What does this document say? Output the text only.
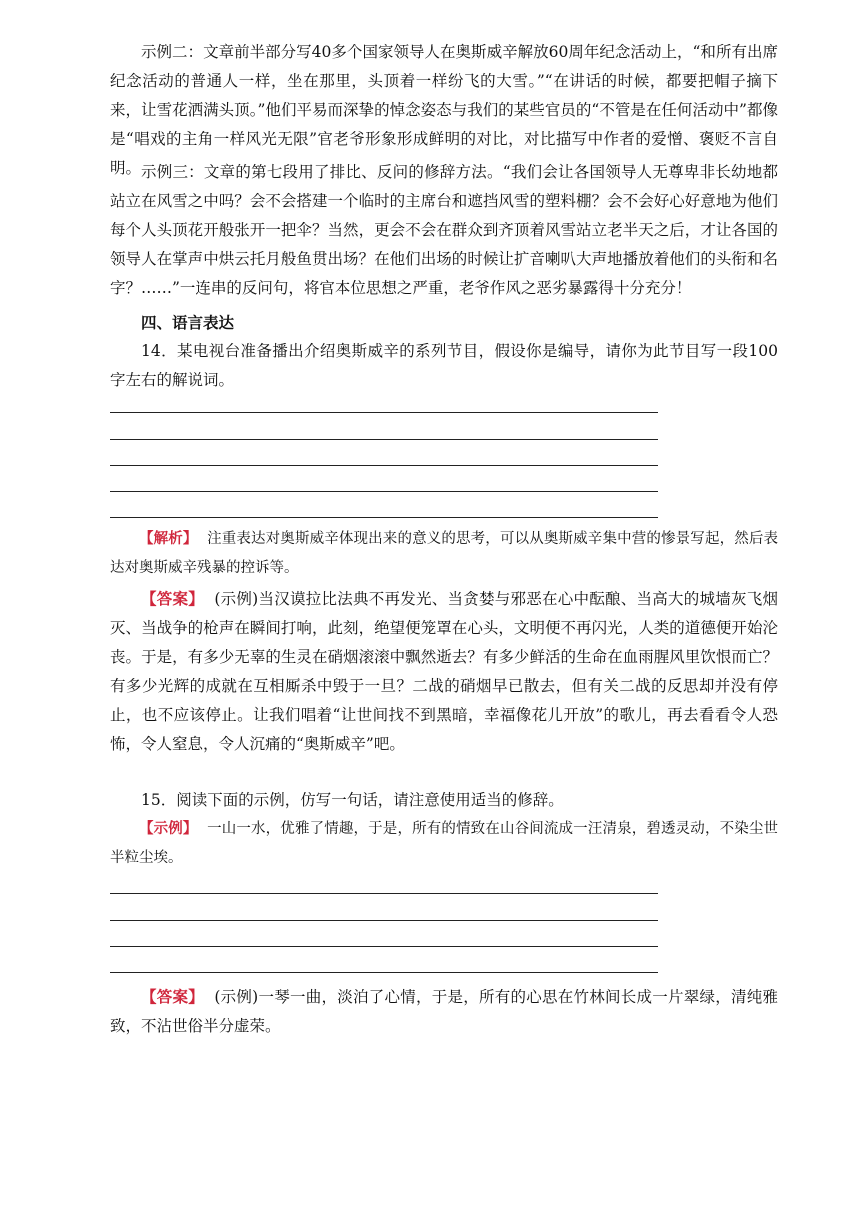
示例二：文章前半部分写40多个国家领导人在奥斯威辛解放60周年纪念活动上，“和所有出席纪念活动的普通人一样，坐在那里，头顶着一样纷飞的大雪。”“在讲话的时候，都要把帽子摘下来，让雪花洒满头顶。”他们平易而深挚的悼念姿态与我们的某些官员的“不管是在任何活动中”都像是“唱戏的主角一样风光无限”官老爷形象形成鲜明的对比，对比描写中作者的爱憎、褒贬不言自明。 示例三：文章的第七段用了排比、反问的修辞方法。“我们会让各国领导人无尊卑非长幼地都站立在风雪之中吗？会不会搭建一个临时的主席台和遮挡风雪的塑料棚？会不会好心好意地为他们每个人头顶花开般张开一把伞？当然，更会不会在群众到齐顶着风雪站立老半天之后，才让各国的领导人在掌声中烘云托月般鱼贯出场？在他们出场的时候让扩音喇叭大声地播放着他们的头衔和名字？……”一连串的反问句，将官本位思想之严重，老爷作风之恶劣暴露得十分充分！

四、语言表达

14．某电视台准备播出介绍奥斯威辛的系列节目，假设你是编导，请你为此节目写一段100字左右的解说词。

【解析】 注重表达对奥斯威辛体现出来的意义的思考，可以从奥斯威辛集中营的惨景写起，然后表达对奥斯威辛残暴的控诉等。

【答案】 (示例)当汉谟拉比法典不再发光、当贪婪与邪恶在心中酝酿、当高大的城墙灰飞烟灭、当战争的枪声在瞬间打响，此刻，绝望便笼罩在心头，文明便不再闪光，人类的道德便开始沦丧。于是，有多少无辜的生灵在硝烟滚滚中飘然逝去？有多少鲜活的生命在血雨腥风里饮恨而亡？有多少光辉的成就在互相厮杀中毁于一旦？二战的硝烟早已散去，但有关二战的反思却并没有停止，也不应该停止。让我们唱着“让世间找不到黑暗，幸福像花儿开放”的歌儿，再去看看令人恐怖，令人窒息，令人沉痛的“奥斯威辛”吧。

15．阅读下面的示例，仿写一句话，请注意使用适当的修辞。

【示例】 一山一水，优雅了情趣，于是，所有的情致在山谷间流成一汪清泉，碧透灵动，不染尘世半粒尘埃。

【答案】 (示例)一琴一曲，淡泊了心情，于是，所有的心思在竹林间长成一片翠绿，清纯雅致，不沾世俗半分虚荣。
